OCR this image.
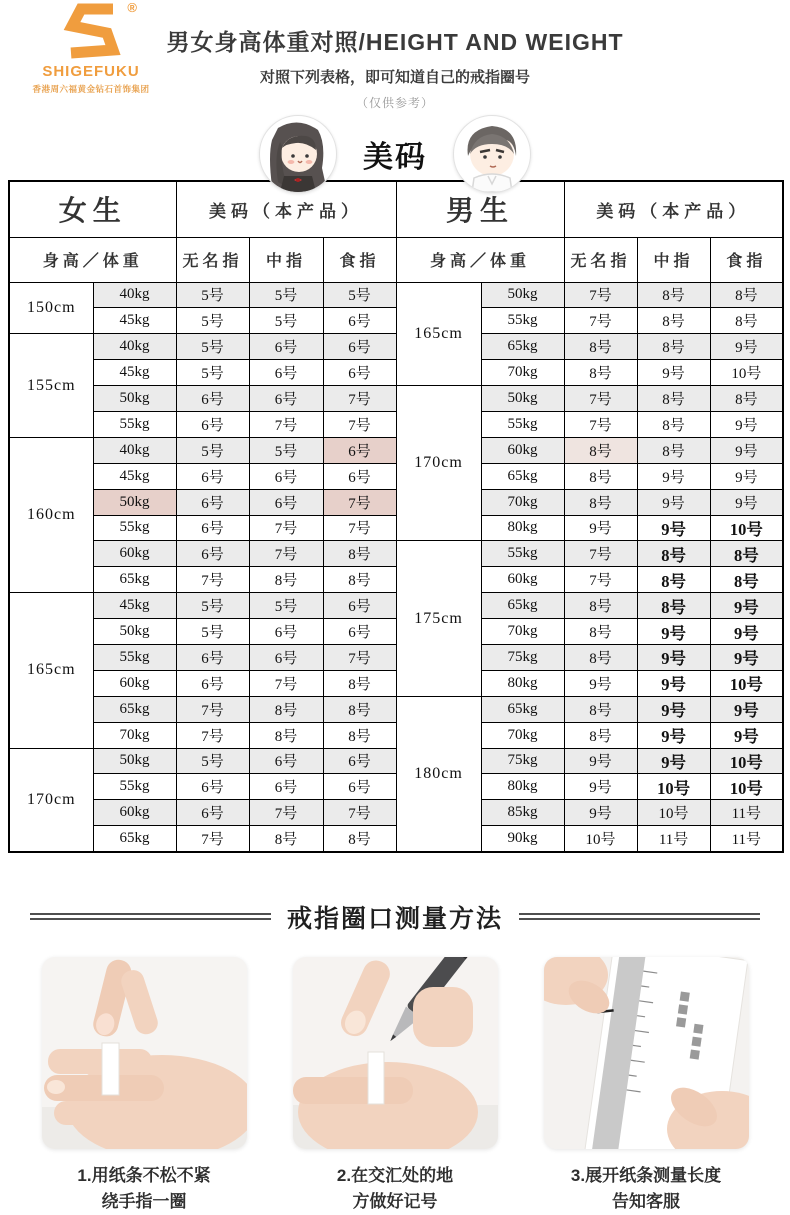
®
SHIGEFUKU
香港周六福黄金钻石首饰集团
男女身高体重对照/HEIGHT AND WEIGHT
对照下列表格，即可知道自己的戒指圈号
（仅供参考）
美码
女生		美码（本产品）			男生		美码（本产品）		
身高／体重		无名指	中指	食指	身高／体重		无名指	中指	食指
150cm	40kg	5号	5号	5号	165cm	50kg	7号	8号	8号
	45kg	5号	5号	6号		55kg	7号	8号	8号
155cm	40kg	5号	6号	6号		65kg	8号	8号	9号
	45kg	5号	6号	6号		70kg	8号	9号	10号
	50kg	6号	6号	7号	170cm	50kg	7号	8号	8号
	55kg	6号	7号	7号		55kg	7号	8号	9号
160cm	40kg	5号	5号	6号		60kg	8号	8号	9号
	45kg	6号	6号	6号		65kg	8号	9号	9号
	50kg	6号	6号	7号		70kg	8号	9号	9号
	55kg	6号	7号	7号		80kg	9号	9号	10号
	60kg	6号	7号	8号	175cm	55kg	7号	8号	8号
	65kg	7号	8号	8号		60kg	7号	8号	8号
165cm	45kg	5号	5号	6号		65kg	8号	8号	9号
	50kg	5号	6号	6号		70kg	8号	9号	9号
	55kg	6号	6号	7号		75kg	8号	9号	9号
	60kg	6号	7号	8号		80kg	9号	9号	10号
	65kg	7号	8号	8号	180cm	65kg	8号	9号	9号
	70kg	7号	8号	8号		70kg	8号	9号	9号
170cm	50kg	5号	6号	6号		75kg	9号	9号	10号
	55kg	6号	6号	6号		80kg	9号	10号	10号
	60kg	6号	7号	7号		85kg	9号	10号	11号
	65kg	7号	8号	8号		90kg	10号	11号	11号
戒指圈口测量方法
1.用纸条不松不紧
绕手指一圈
2.在交汇处的地
方做好记号
3.展开纸条测量长度
告知客服
